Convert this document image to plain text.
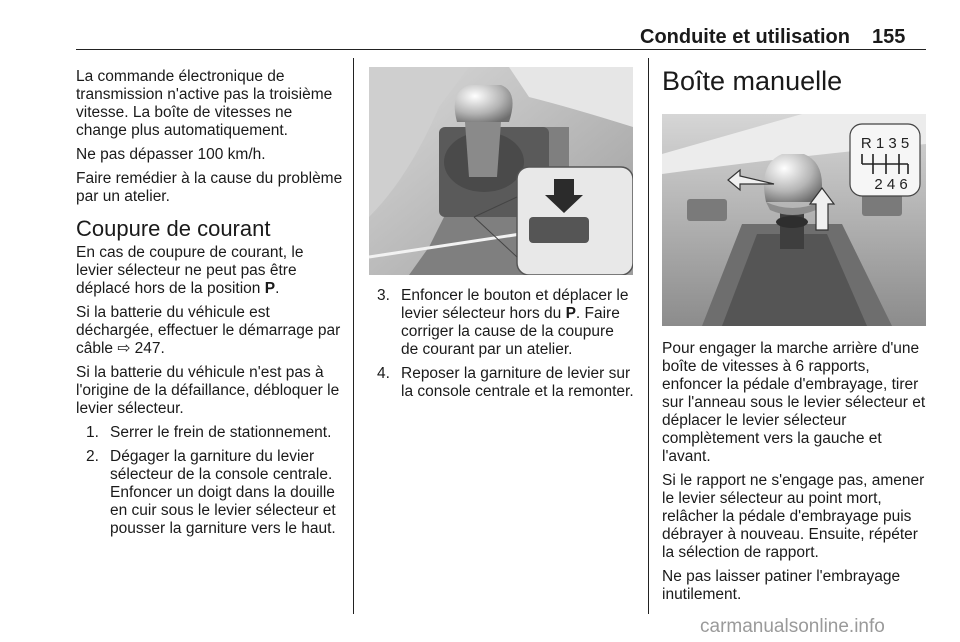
Conduite et utilisation 155

La commande électronique de transmission n'active pas la troisième vitesse. La boîte de vitesses ne change plus automatiquement.

Ne pas dépasser 100 km/h.

Faire remédier à la cause du problème par un atelier.

Coupure de courant

En cas de coupure de courant, le levier sélecteur ne peut pas être déplacé hors de la position P.

Si la batterie du véhicule est déchargée, effectuer le démarrage par câble ⇨ 247.

Si la batterie du véhicule n'est pas à l'origine de la défaillance, débloquer le levier sélecteur.

1. Serrer le frein de stationnement.
2. Dégager la garniture du levier sélecteur de la console centrale. Enfoncer un doigt dans la douille en cuir sous le levier sélecteur et pousser la garniture vers le haut.
3. Enfoncer le bouton et déplacer le levier sélecteur hors du P. Faire corriger la cause de la coupure de courant par un atelier.
4. Reposer la garniture de levier sur la console centrale et la remonter.
Boîte manuelle
R 1 3 5
2 4 6

Pour engager la marche arrière d'une boîte de vitesses à 6 rapports, enfoncer la pédale d'embrayage, tirer sur l'anneau sous le levier sélecteur et déplacer le levier sélecteur complètement vers la gauche et l'avant.

Si le rapport ne s'engage pas, amener le levier sélecteur au point mort, relâcher la pédale d'embrayage puis débrayer à nouveau. Ensuite, répéter la sélection de rapport.

Ne pas laisser patiner l'embrayage inutilement.

carmanualsonline.info
